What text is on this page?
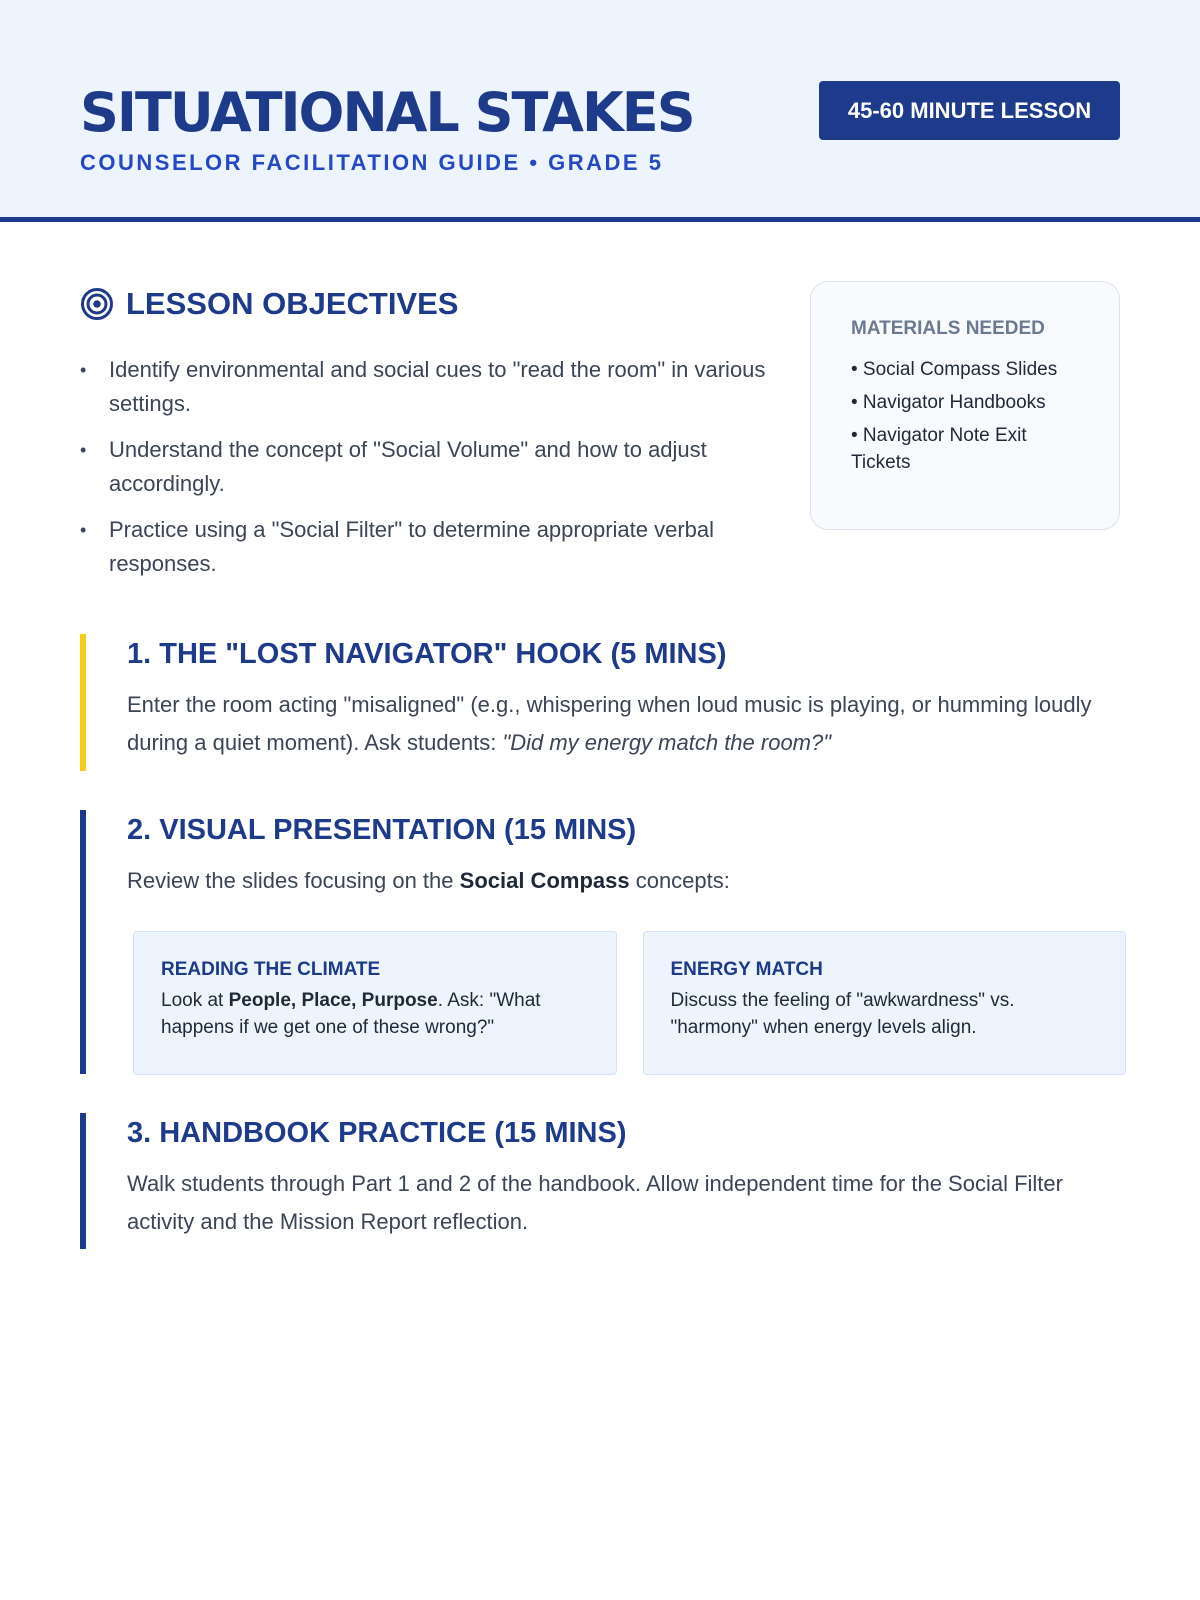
SITUATIONAL STAKES
COUNSELOR FACILITATION GUIDE • GRADE 5
45-60 MINUTE LESSON
LESSON OBJECTIVES
• Identify environmental and social cues to "read the room" in various settings.
• Understand the concept of "Social Volume" and how to adjust accordingly.
• Practice using a "Social Filter" to determine appropriate verbal responses.
MATERIALS NEEDED
• Social Compass Slides
• Navigator Handbooks
• Navigator Note Exit Tickets
1. THE "LOST NAVIGATOR" HOOK (5 MINS)

Enter the room acting "misaligned" (e.g., whispering when loud music is playing, or humming loudly during a quiet moment). Ask students: "Did my energy match the room?"

2. VISUAL PRESENTATION (15 MINS)

Review the slides focusing on the Social Compass concepts:

READING THE CLIMATE

Look at People, Place, Purpose. Ask: "What happens if we get one of these wrong?"

ENERGY MATCH

Discuss the feeling of "awkwardness" vs. "harmony" when energy levels align.

3. HANDBOOK PRACTICE (15 MINS)

Walk students through Part 1 and 2 of the handbook. Allow independent time for the Social Filter activity and the Mission Report reflection.
